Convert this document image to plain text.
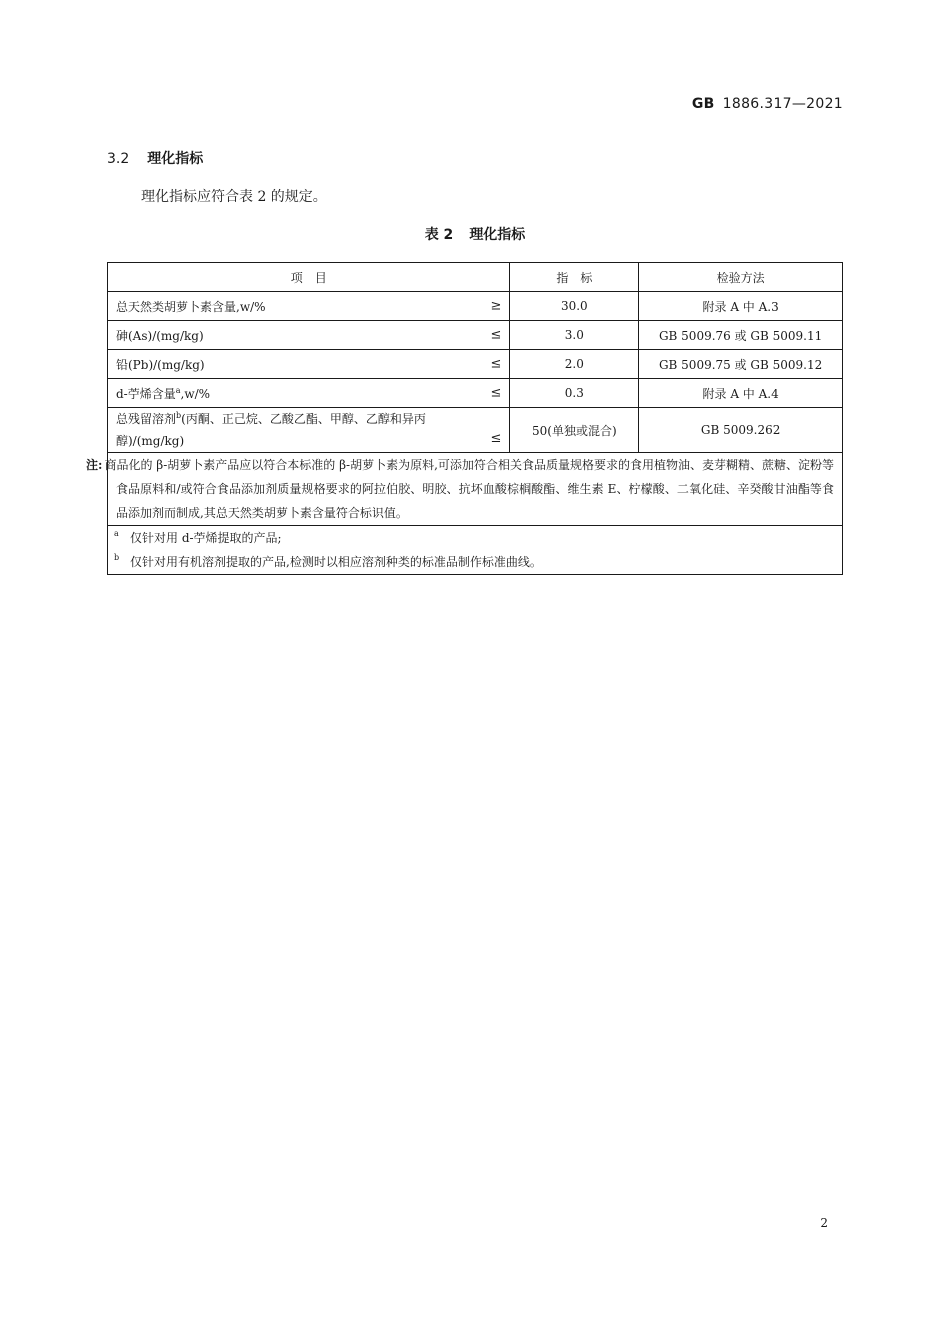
GB 1886.317—2021
3.2 理化指标
理化指标应符合表 2 的规定。
表 2 理化指标
项　目	指　标	检验方法
总天然类胡萝卜素含量,w/% ≥	30.0	附录 A 中 A.3
砷(As)/(mg/kg) ≤	3.0	GB 5009.76 或 GB 5009.11
铅(Pb)/(mg/kg) ≤	2.0	GB 5009.75 或 GB 5009.12
d-苧烯含量$^a$,w/% ≤	0.3	附录 A 中 A.4

总残留溶剂$^b$(丙酮、正己烷、乙酸乙酯、甲醇、乙醇和异丙醇)/(mg/kg) ≤	50(单独或混合)	GB 5009.262
注: 商品化的 β-胡萝卜素产品应以符合本标准的 β-胡萝卜素为原料,可添加符合相关食品质量规格要求的食用植物油、麦芽糊精、蔗糖、淀粉等食品原料和/或符合食品添加剂质量规格要求的阿拉伯胶、明胶、抗坏血酸棕榈酸酯、维生素 E、柠檬酸、二氧化硅、辛癸酸甘油酯等食品添加剂而制成,其总天然类胡萝卜素含量符合标识值。		

a 仅针对用 d-苧烯提取的产品;
b 仅针对用有机溶剂提取的产品,检测时以相应溶剂种类的标准品制作标准曲线。		
2
